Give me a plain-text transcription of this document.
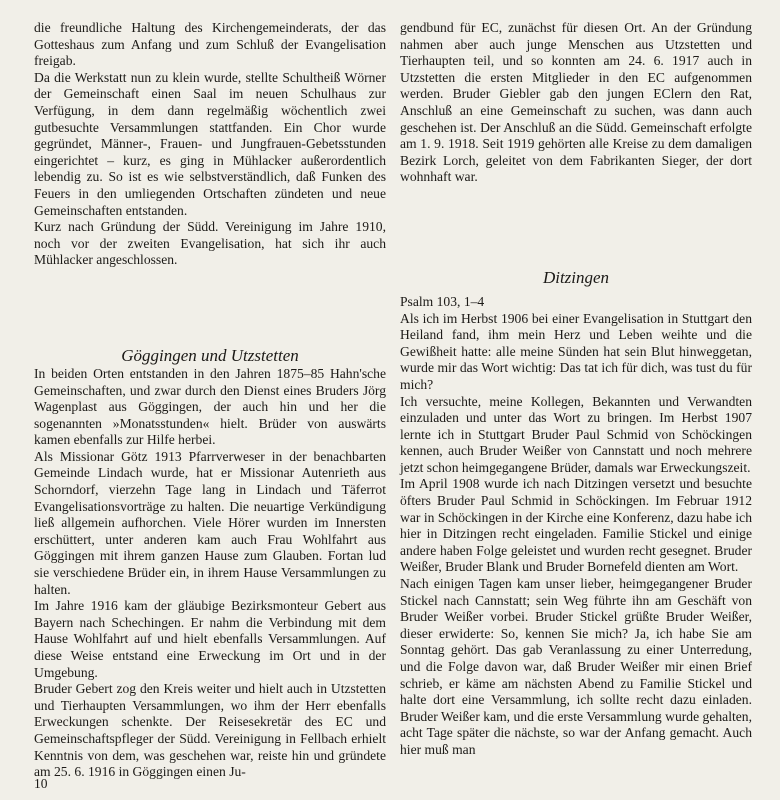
die freundliche Haltung des Kirchengemeinderats, der das Gotteshaus zum Anfang und zum Schluß der Evangelisation freigab.

Da die Werkstatt nun zu klein wurde, stellte Schultheiß Wörner der Gemeinschaft einen Saal im neuen Schulhaus zur Verfügung, in dem dann regelmäßig wöchentlich zwei gutbesuchte Versammlungen stattfanden. Ein Chor wurde gegründet, Männer-, Frauen- und Jungfrauen-Gebetsstunden eingerichtet – kurz, es ging in Mühlacker außerordentlich lebendig zu. So ist es wie selbstverständlich, daß Funken des Feuers in den umliegenden Ortschaften zündeten und neue Gemeinschaften entstanden.

Kurz nach Gründung der Südd. Vereinigung im Jahre 1910, noch vor der zweiten Evangelisation, hat sich ihr auch Mühlacker angeschlossen.

Göggingen und Utzstetten

In beiden Orten entstanden in den Jahren 1875–85 Hahn'sche Gemeinschaften, und zwar durch den Dienst eines Bruders Jörg Wagenplast aus Göggingen, der auch hin und her die sogenannten »Monatsstunden« hielt. Brüder von auswärts kamen ebenfalls zur Hilfe herbei.

Als Missionar Götz 1913 Pfarrverweser in der benachbarten Gemeinde Lindach wurde, hat er Missionar Autenrieth aus Schorndorf, vierzehn Tage lang in Lindach und Täferrot Evangelisationsvorträge zu halten. Die neuartige Verkündigung ließ allgemein aufhorchen. Viele Hörer wurden im Innersten erschüttert, unter anderen kam auch Frau Wohlfahrt aus Göggingen mit ihrem ganzen Hause zum Glauben. Fortan lud sie verschiedene Brüder ein, in ihrem Hause Versammlungen zu halten.

Im Jahre 1916 kam der gläubige Bezirksmonteur Gebert aus Bayern nach Schechingen. Er nahm die Verbindung mit dem Hause Wohlfahrt auf und hielt ebenfalls Versammlungen. Auf diese Weise entstand eine Erweckung im Ort und in der Umgebung.

Bruder Gebert zog den Kreis weiter und hielt auch in Utzstetten und Tierhaupten Versammlungen, wo ihm der Herr ebenfalls Erweckungen schenkte. Der Reisesekretär des EC und Gemeinschaftspfleger der Südd. Vereinigung in Fellbach erhielt Kenntnis von dem, was geschehen war, reiste hin und gründete am 25. 6. 1916 in Göggingen einen Ju-

gendbund für EC, zunächst für diesen Ort. An der Gründung nahmen aber auch junge Menschen aus Utzstetten und Tierhaupten teil, und so konnten am 24. 6. 1917 auch in Utzstetten die ersten Mitglieder in den EC aufgenommen werden. Bruder Giebler gab den jungen EClern den Rat, Anschluß an eine Gemeinschaft zu suchen, was dann auch geschehen ist. Der Anschluß an die Südd. Gemeinschaft erfolgte am 1. 9. 1918. Seit 1919 gehörten alle Kreise zu dem damaligen Bezirk Lorch, geleitet von dem Fabrikanten Sieger, der dort wohnhaft war.

Ditzingen

Psalm 103, 1–4

Als ich im Herbst 1906 bei einer Evangelisation in Stuttgart den Heiland fand, ihm mein Herz und Leben weihte und die Gewißheit hatte: alle meine Sünden hat sein Blut hinweggetan, wurde mir das Wort wichtig: Das tat ich für dich, was tust du für mich?

Ich versuchte, meine Kollegen, Bekannten und Verwandten einzuladen und unter das Wort zu bringen. Im Herbst 1907 lernte ich in Stuttgart Bruder Paul Schmid von Schöckingen kennen, auch Bruder Weißer von Cannstatt und noch mehrere jetzt schon heimgegangene Brüder, damals war Erweckungszeit.

Im April 1908 wurde ich nach Ditzingen versetzt und besuchte öfters Bruder Paul Schmid in Schöckingen. Im Februar 1912 war in Schöckingen in der Kirche eine Konferenz, dazu habe ich hier in Ditzingen recht eingeladen. Familie Stickel und einige andere haben Folge geleistet und wurden recht gesegnet. Bruder Weißer, Bruder Blank und Bruder Bornefeld dienten am Wort.

Nach einigen Tagen kam unser lieber, heimgegangener Bruder Stickel nach Cannstatt; sein Weg führte ihn am Geschäft von Bruder Weißer vorbei. Bruder Stickel grüßte Bruder Weißer, dieser erwiderte: So, kennen Sie mich? Ja, ich habe Sie am Sonntag gehört. Das gab Veranlassung zu einer Unterredung, und die Folge davon war, daß Bruder Weißer mir einen Brief schrieb, er käme am nächsten Abend zu Familie Stickel und halte dort eine Versammlung, ich sollte recht dazu einladen. Bruder Weißer kam, und die erste Versammlung wurde gehalten, acht Tage später die nächste, so war der Anfang gemacht. Auch hier muß man

10
